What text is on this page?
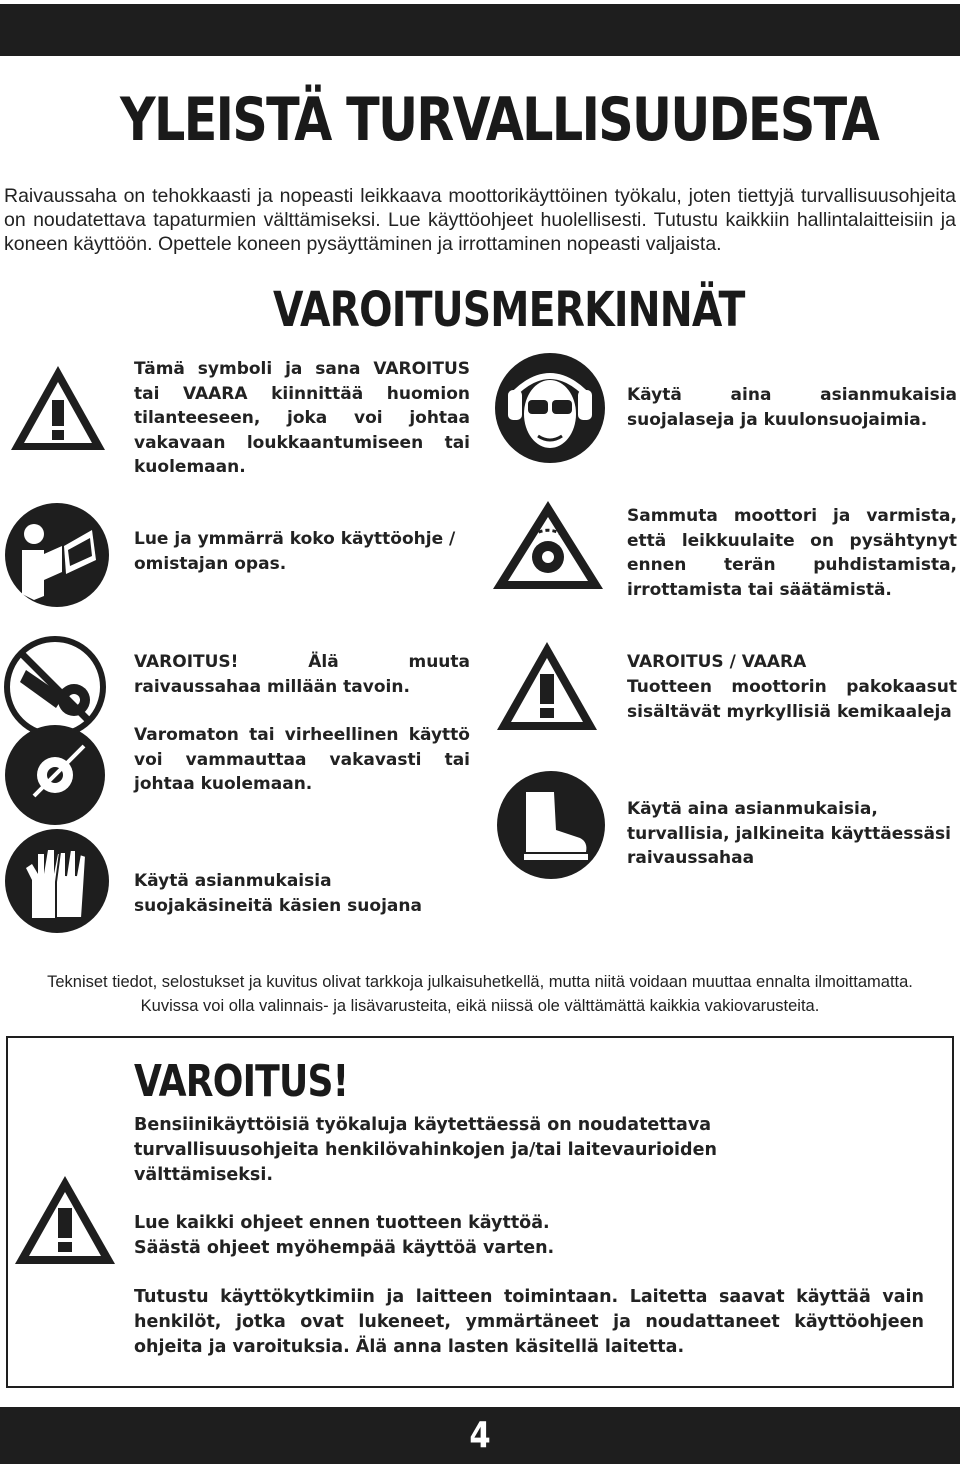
YLEISTÄ TURVALLISUUDESTA
Raivaussaha on tehokkaasti ja nopeasti leikkaava moottorikäyttöinen työkalu, joten tiettyjä turvallisuusohjeita on noudatettava tapaturmien välttämiseksi. Lue käyttöohjeet huolellisesti. Tutustu kaikkiin hallintalaitteisiin ja koneen käyttöön. Opettele koneen pysäyttäminen ja irrottaminen nopeasti valjaista.
VAROITUSMERKINNÄT
Tämä symboli ja sana VAROITUS tai VAARA kiinnittää huomion tilanteeseen, joka voi johtaa vakavaan loukkaantumiseen tai kuolemaan.
Lue ja ymmärrä koko käyttöohje / omistajan opas.
Käytä aina asianmukaisia suojalaseja ja kuulonsuojaimia.
Sammuta moottori ja varmista, että leikkuulaite on pysähtynyt ennen terän puhdistamista, irrottamista tai säätämistä.
VAROITUS! Älä muuta raivaussahaa millään tavoin.
Varomaton tai virheellinen käyttö voi vammauttaa vakavasti tai johtaa kuolemaan.
Käytä asianmukaisia suojakäsineitä käsien suojana
VAROITUS / VAARA
Tuotteen moottorin pakokaasut sisältävät myrkyllisiä kemikaaleja
Käytä aina asianmukaisia, turvallisia, jalkineita käyttäessäsi raivaussahaa
Tekniset tiedot, selostukset ja kuvitus olivat tarkkoja julkaisuhetkellä, mutta niitä voidaan muuttaa ennalta ilmoittamatta.
Kuvissa voi olla valinnais- ja lisävarusteita, eikä niissä ole välttämättä kaikkia vakiovarusteita.
VAROITUS!
Bensiinikäyttöisiä työkaluja käytettäessä on noudatettava turvallisuusohjeita henkilövahinkojen ja/tai laitevaurioiden välttämiseksi.
Lue kaikki ohjeet ennen tuotteen käyttöä.
Säästä ohjeet myöhempää käyttöä varten.
Tutustu käyttökytkimiin ja laitteen toimintaan. Laitetta saavat käyttää vain henkilöt, jotka ovat lukeneet, ymmärtäneet ja noudattaneet käyttöohjeen ohjeita ja varoituksia. Älä anna lasten käsitellä laitetta.
4
